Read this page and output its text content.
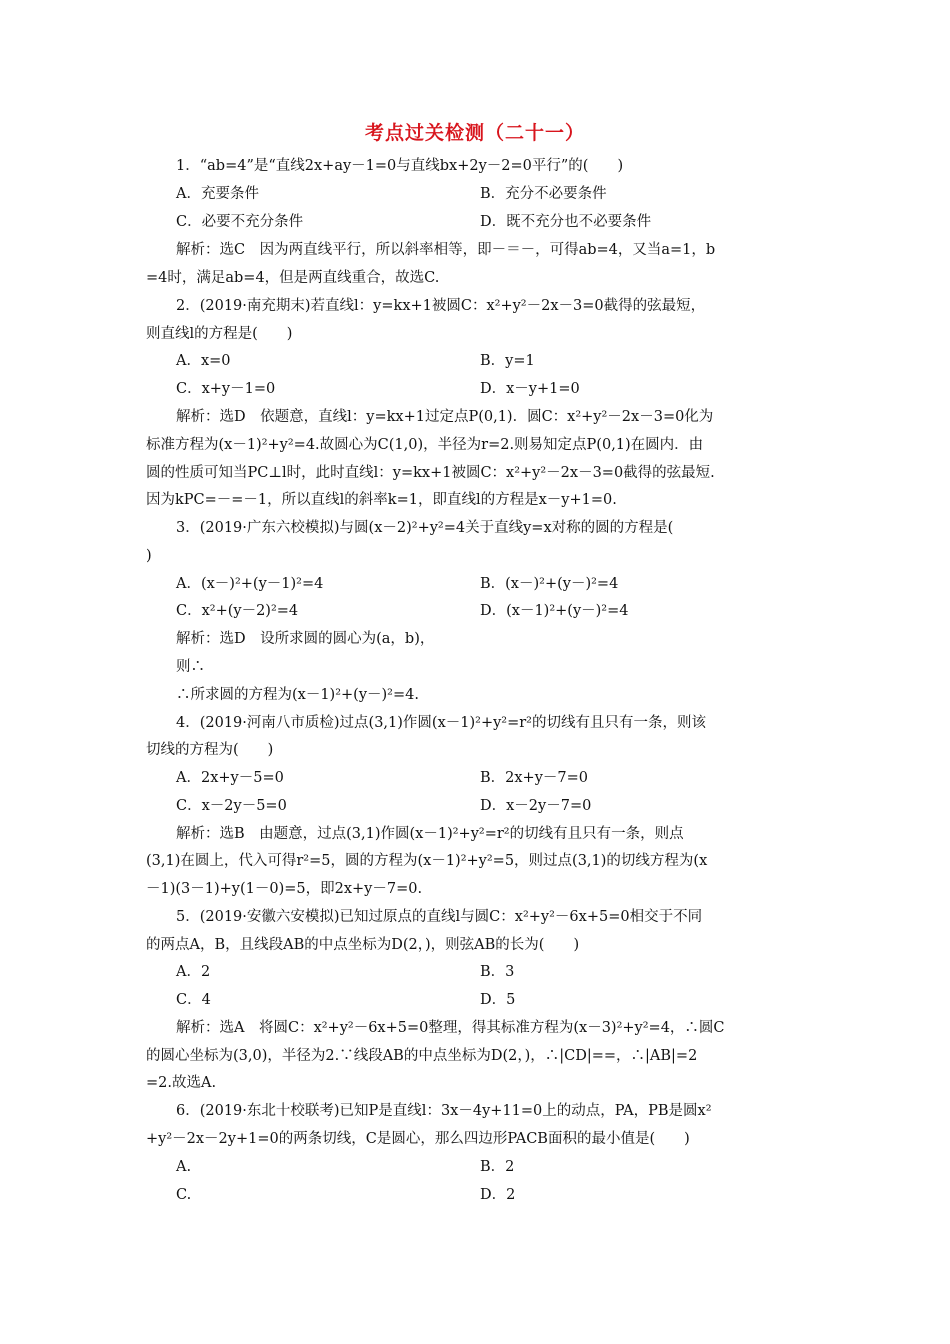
考点过关检测（二十一）
1．“ab=4”是“直线2x+ay－1=0与直线bx+2y－2=0平行”的(　　)
A．充要条件	B．充分不必要条件
C．必要不充分条件	D．既不充分也不必要条件
解析：选C　因为两直线平行，所以斜率相等，即－＝－，可得ab=4，又当a=1，b
=4时，满足ab=4，但是两直线重合，故选C.
2．(2019·南充期末)若直线l：y=kx+1被圆C：x²+y²－2x－3=0截得的弦最短，
则直线l的方程是(　　)
A．x=0	B．y=1
C．x+y－1=0	D．x－y+1=0
解析：选D　依题意，直线l：y=kx+1过定点P(0,1)．圆C：x²+y²－2x－3=0化为
标准方程为(x－1)²+y²=4.故圆心为C(1,0)，半径为r=2.则易知定点P(0,1)在圆内．由
圆的性质可知当PC⊥l时，此时直线l：y=kx+1被圆C：x²+y²－2x－3=0截得的弦最短.
因为kPC=－=－1，所以直线l的斜率k=1，即直线l的方程是x－y+1=0.
3．(2019·广东六校模拟)与圆(x－2)²+y²=4关于直线y=x对称的圆的方程是(
)
A．(x－)²+(y－1)²=4	B．(x－)²+(y－)²=4
C．x²+(y－2)²=4	D．(x－1)²+(y－)²=4
解析：选D　设所求圆的圆心为(a，b)，
则∴
∴所求圆的方程为(x－1)²+(y－)²=4.
4．(2019·河南八市质检)过点(3,1)作圆(x－1)²+y²=r²的切线有且只有一条，则该
切线的方程为(　　)
A．2x+y－5=0	B．2x+y－7=0
C．x－2y－5=0	D．x－2y－7=0
解析：选B　由题意，过点(3,1)作圆(x－1)²+y²=r²的切线有且只有一条，则点
(3,1)在圆上，代入可得r²=5，圆的方程为(x－1)²+y²=5，则过点(3,1)的切线方程为(x
－1)(3－1)+y(1－0)=5，即2x+y－7=0.
5．(2019·安徽六安模拟)已知过原点的直线l与圆C：x²+y²－6x+5=0相交于不同
的两点A，B，且线段AB的中点坐标为D(2，)，则弦AB的长为(　　)
A．2	B．3
C．4	D．5
解析：选A　将圆C：x²+y²－6x+5=0整理，得其标准方程为(x－3)²+y²=4，∴圆C
的圆心坐标为(3,0)，半径为2.∵线段AB的中点坐标为D(2，)，∴|CD|==，∴|AB|=2
=2.故选A.
6．(2019·东北十校联考)已知P是直线l：3x－4y+11=0上的动点，PA，PB是圆x²
+y²－2x－2y+1=0的两条切线，C是圆心，那么四边形PACB面积的最小值是(　　)
A.	B．2
C.	D．2
